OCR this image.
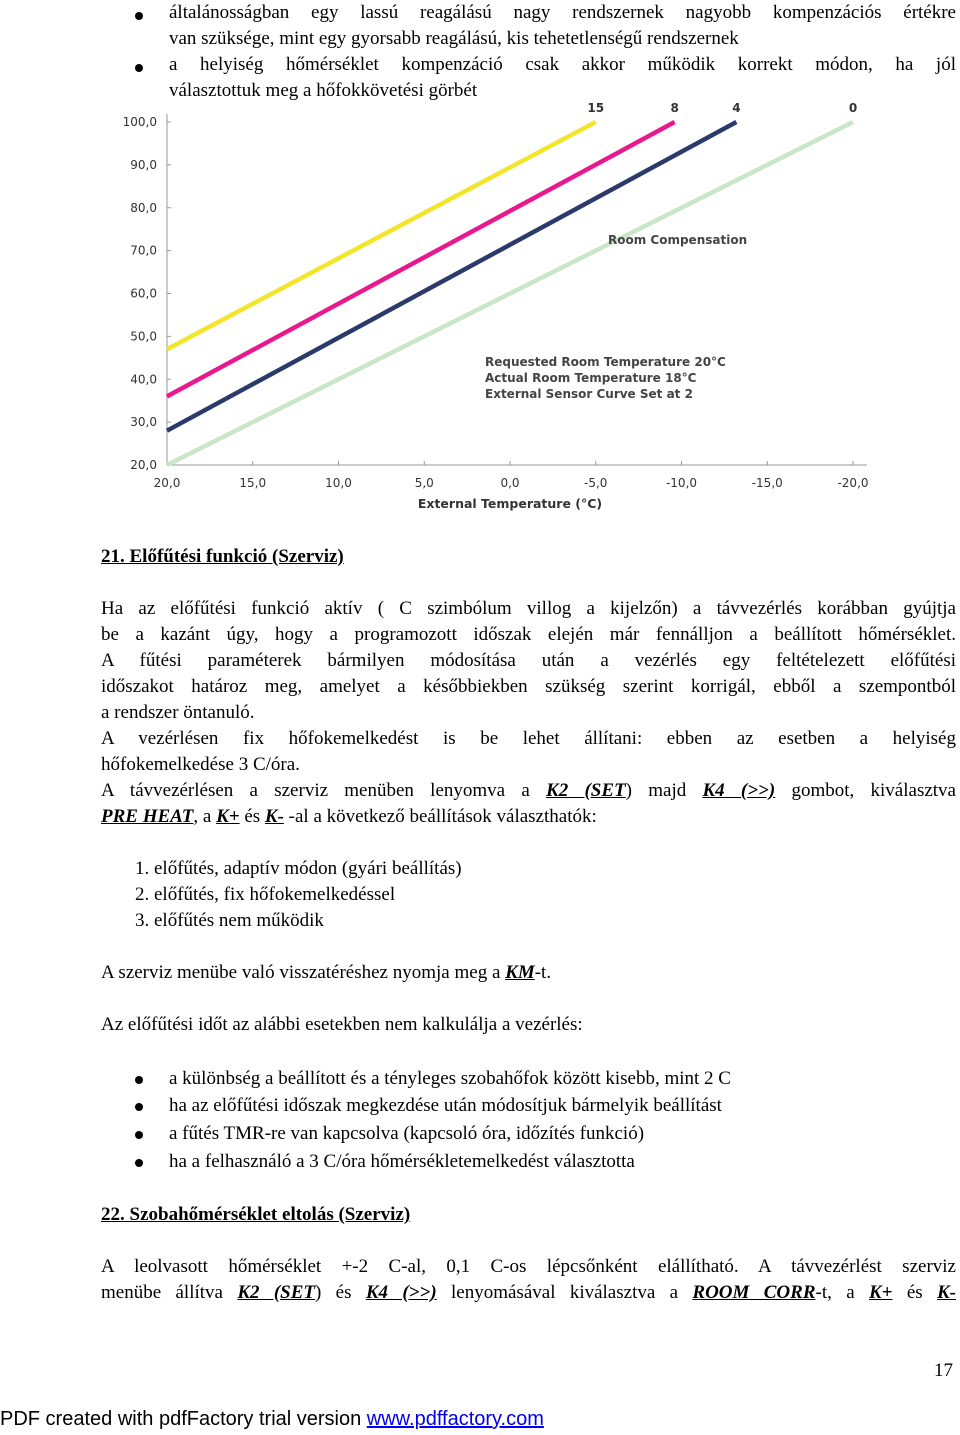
általánosságban egy lassú reagálású nagy rendszernek nagyobb kompenzációs értékre
van szüksége, mint egy gyorsabb reagálású, kis tehetetlenségű rendszernek
a helyiség hőmérséklet kompenzáció csak akkor működik korrekt módon, ha jól
választottuk meg a hőfokkövetési görbét
100,0
90,0
80,0
70,0
60,0
50,0
40,0
30,0
20,0
20,0	15,0	10,0	5,0	0,0	-5,0	-10,0	-15,0	-20,0
External Temperature (°C)
15	8	4	0
Room Compensation
Requested Room Temperature 20°C
Actual Room Temperature 18°C
External Sensor Curve Set at 2
21. Előfűtési funkció (Szerviz)
Ha az előfűtési funkció aktív ( C szimbólum villog a kijelzőn) a távvezérlés korábban gyújtja
be a kazánt úgy, hogy a programozott időszak elején már fennálljon a beállított hőmérséklet.
A fűtési paraméterek bármilyen módosítása után a vezérlés egy feltételezett előfűtési
időszakot határoz meg, amelyet a későbbiekben szükség szerint korrigál, ebből a szempontból
a rendszer öntanuló.
A vezérlésen fix hőfokemelkedést is be lehet állítani: ebben az esetben a helyiség
hőfokemelkedése 3 C/óra.
A távvezérlésen a szerviz menüben lenyomva a K2 (SET) majd K4 (>>) gombot, kiválasztva
PRE HEAT, a K+ és K- -al a következő beállítások választhatók:
1. előfűtés, adaptív módon (gyári beállítás)
2. előfűtés, fix hőfokemelkedéssel
3. előfűtés nem működik
A szerviz menübe való visszatéréshez nyomja meg a KM-t.
Az előfűtési időt az alábbi esetekben nem kalkulálja a vezérlés:
a különbség a beállított és a tényleges szobahőfok között kisebb, mint 2 C
ha az előfűtési időszak megkezdése után módosítjuk bármelyik beállítást
a fűtés TMR-re van kapcsolva (kapcsoló óra, időzítés funkció)
ha a felhasználó a 3 C/óra hőmérsékletemelkedést választotta
22. Szobahőmérséklet eltolás (Szerviz)
A leolvasott hőmérséklet +-2 C-al, 0,1 C-os lépcsőnként elállítható. A távvezérlést szerviz
menübe állítva K2 (SET) és K4 (>>) lenyomásával kiválasztva a ROOM CORR-t, a K+ és K-
17
PDF created with pdfFactory trial version www.pdffactory.com
